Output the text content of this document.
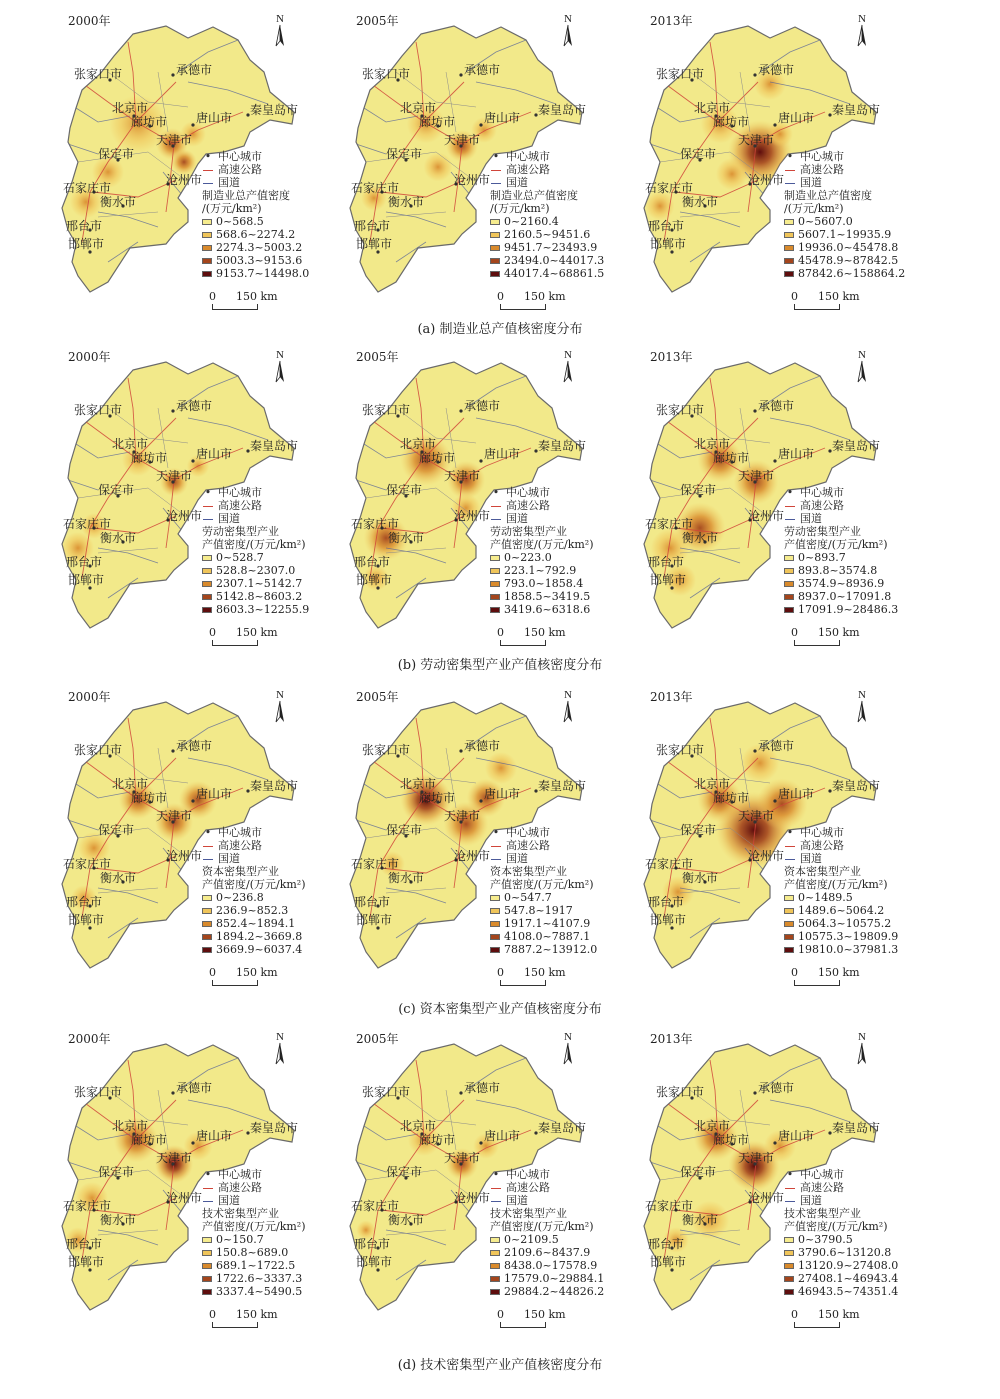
2000年	N
张家口市	承德市
秦皇岛市
北京市
廊坊市 唐山市
天津市
保定市
沧州市
石家庄市
衡水市
邢台市
邯郸市
• 中心城市
高速公路
国道
制造业总产值密度
/(万元/km²)
0~568.5
568.6~2274.2
2274.3~5003.2
5003.3~9153.6
9153.7~14498.0
0 150 km
2005年	N
张家口市	承德市
秦皇岛市
北京市
廊坊市 唐山市
天津市
保定市
沧州市
石家庄市
衡水市
邢台市
邯郸市
• 中心城市
高速公路
国道
制造业总产值密度
/(万元/km²)
0~2160.4
2160.5~9451.6
9451.7~23493.9
23494.0~44017.3
44017.4~68861.5
0 150 km
2013年	N
张家口市	承德市
秦皇岛市
北京市
廊坊市 唐山市
天津市
保定市
沧州市
石家庄市
衡水市
邢台市
邯郸市
• 中心城市
高速公路
国道
制造业总产值密度
/(万元/km²)
0~5607.0
5607.1~19935.9
19936.0~45478.8
45478.9~87842.5
87842.6~158864.2
0 150 km
(a) 制造业总产值核密度分布
2000年	N
张家口市	承德市
秦皇岛市
北京市
廊坊市 唐山市
天津市
保定市
沧州市
石家庄市
衡水市
邢台市
邯郸市
• 中心城市
高速公路
国道
劳动密集型产业
产值密度/(万元/km²)
0~528.7
528.8~2307.0
2307.1~5142.7
5142.8~8603.2
8603.3~12255.9
0 150 km
2005年	N
张家口市	承德市
秦皇岛市
北京市
廊坊市 唐山市
天津市
保定市
沧州市
石家庄市
衡水市
邢台市
邯郸市
• 中心城市
高速公路
国道
劳动密集型产业
产值密度/(万元/km²)
0~223.0
223.1~792.9
793.0~1858.4
1858.5~3419.5
3419.6~6318.6
0 150 km
2013年	N
张家口市	承德市
秦皇岛市
北京市
廊坊市 唐山市
天津市
保定市
沧州市
石家庄市
衡水市
邢台市
邯郸市
• 中心城市
高速公路
国道
劳动密集型产业
产值密度/(万元/km²)
0~893.7
893.8~3574.8
3574.9~8936.9
8937.0~17091.8
17091.9~28486.3
0 150 km
(b) 劳动密集型产业产值核密度分布
2000年	N
张家口市	承德市
秦皇岛市
北京市
廊坊市 唐山市
天津市
保定市
沧州市
石家庄市
衡水市
邢台市
邯郸市
• 中心城市
高速公路
国道
资本密集型产业
产值密度/(万元/km²)
0~236.8
236.9~852.3
852.4~1894.1
1894.2~3669.8
3669.9~6037.4
0 150 km
2005年	N
张家口市	承德市
秦皇岛市
北京市
廊坊市 唐山市
天津市
保定市
沧州市
石家庄市
衡水市
邢台市
邯郸市
• 中心城市
高速公路
国道
资本密集型产业
产值密度/(万元/km²)
0~547.7
547.8~1917
1917.1~4107.9
4108.0~7887.1
7887.2~13912.0
0 150 km
2013年	N
张家口市	承德市
秦皇岛市
北京市
廊坊市 唐山市
天津市
保定市
沧州市
石家庄市
衡水市
邢台市
邯郸市
• 中心城市
高速公路
国道
资本密集型产业
产值密度/(万元/km²)
0~1489.5
1489.6~5064.2
5064.3~10575.2
10575.3~19809.9
19810.0~37981.3
0 150 km
(c) 资本密集型产业产值核密度分布
2000年	N
张家口市	承德市
秦皇岛市
北京市
廊坊市 唐山市
天津市
保定市
沧州市
石家庄市
衡水市
邢台市
邯郸市
• 中心城市
高速公路
国道
技术密集型产业
产值密度/(万元/km²)
0~150.7
150.8~689.0
689.1~1722.5
1722.6~3337.3
3337.4~5490.5
0 150 km
2005年	N
张家口市	承德市
秦皇岛市
北京市
廊坊市 唐山市
天津市
保定市
沧州市
石家庄市
衡水市
邢台市
邯郸市
• 中心城市
高速公路
国道
技术密集型产业
产值密度/(万元/km²)
0~2109.5
2109.6~8437.9
8438.0~17578.9
17579.0~29884.1
29884.2~44826.2
0 150 km
2013年	N
张家口市	承德市
秦皇岛市
北京市
廊坊市 唐山市
天津市
保定市
沧州市
石家庄市
衡水市
邢台市
邯郸市
• 中心城市
高速公路
国道
技术密集型产业
产值密度/(万元/km²)
0~3790.5
3790.6~13120.8
13120.9~27408.0
27408.1~46943.4
46943.5~74351.4
0 150 km
(d) 技术密集型产业产值核密度分布
